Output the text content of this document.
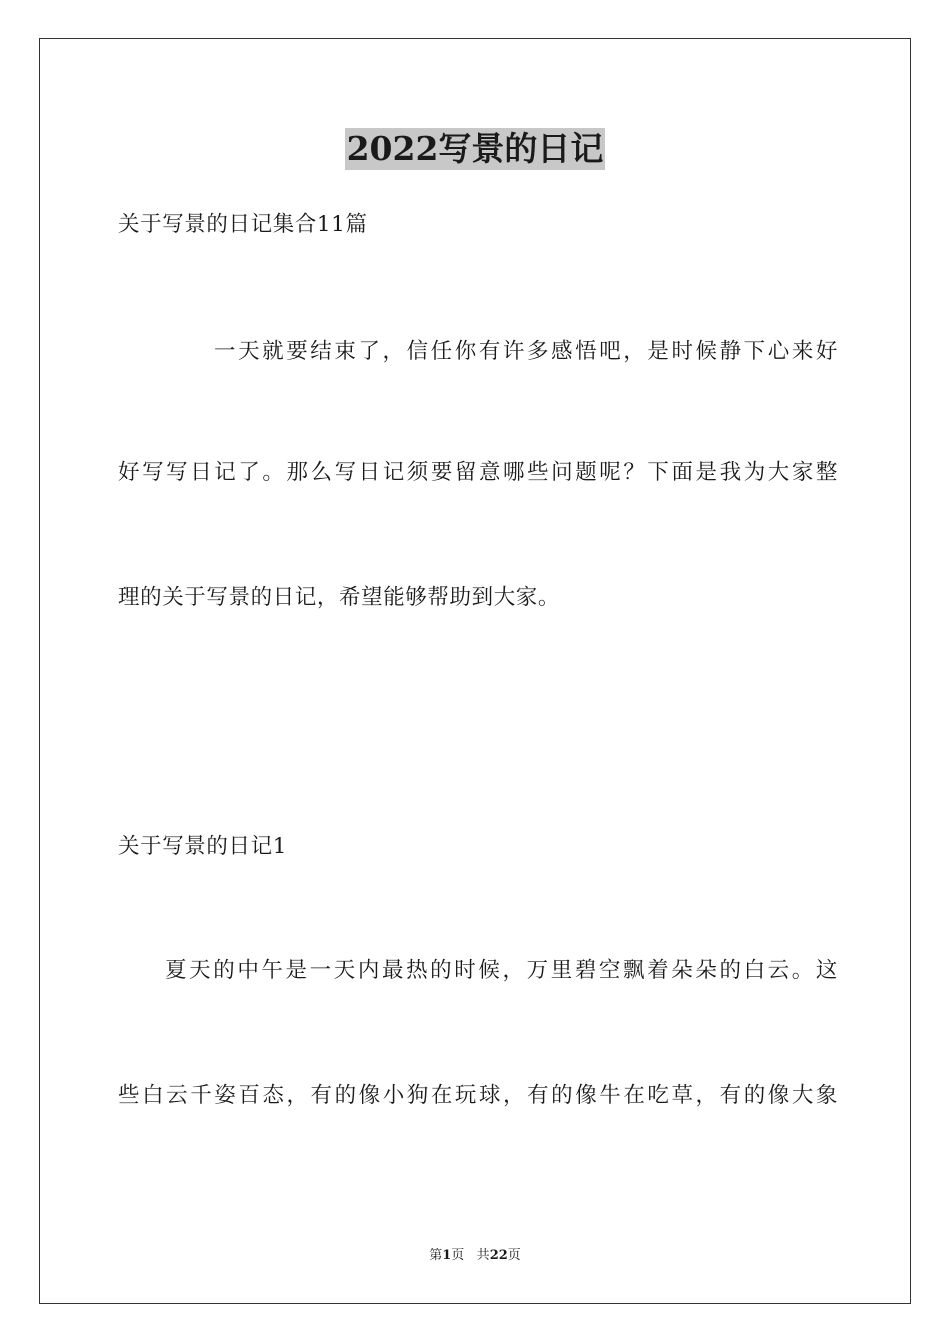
2022写景的日记
关于写景的日记集合11篇
一天就要结束了，信任你有许多感悟吧，是时候静下心来好
好写写日记了。那么写日记须要留意哪些问题呢？下面是我为大家整
理的关于写景的日记，希望能够帮助到大家。
关于写景的日记1
夏天的中午是一天内最热的时候，万里碧空飘着朵朵的白云。这
些白云千姿百态，有的像小狗在玩球，有的像牛在吃草，有的像大象
第1页 共22页
